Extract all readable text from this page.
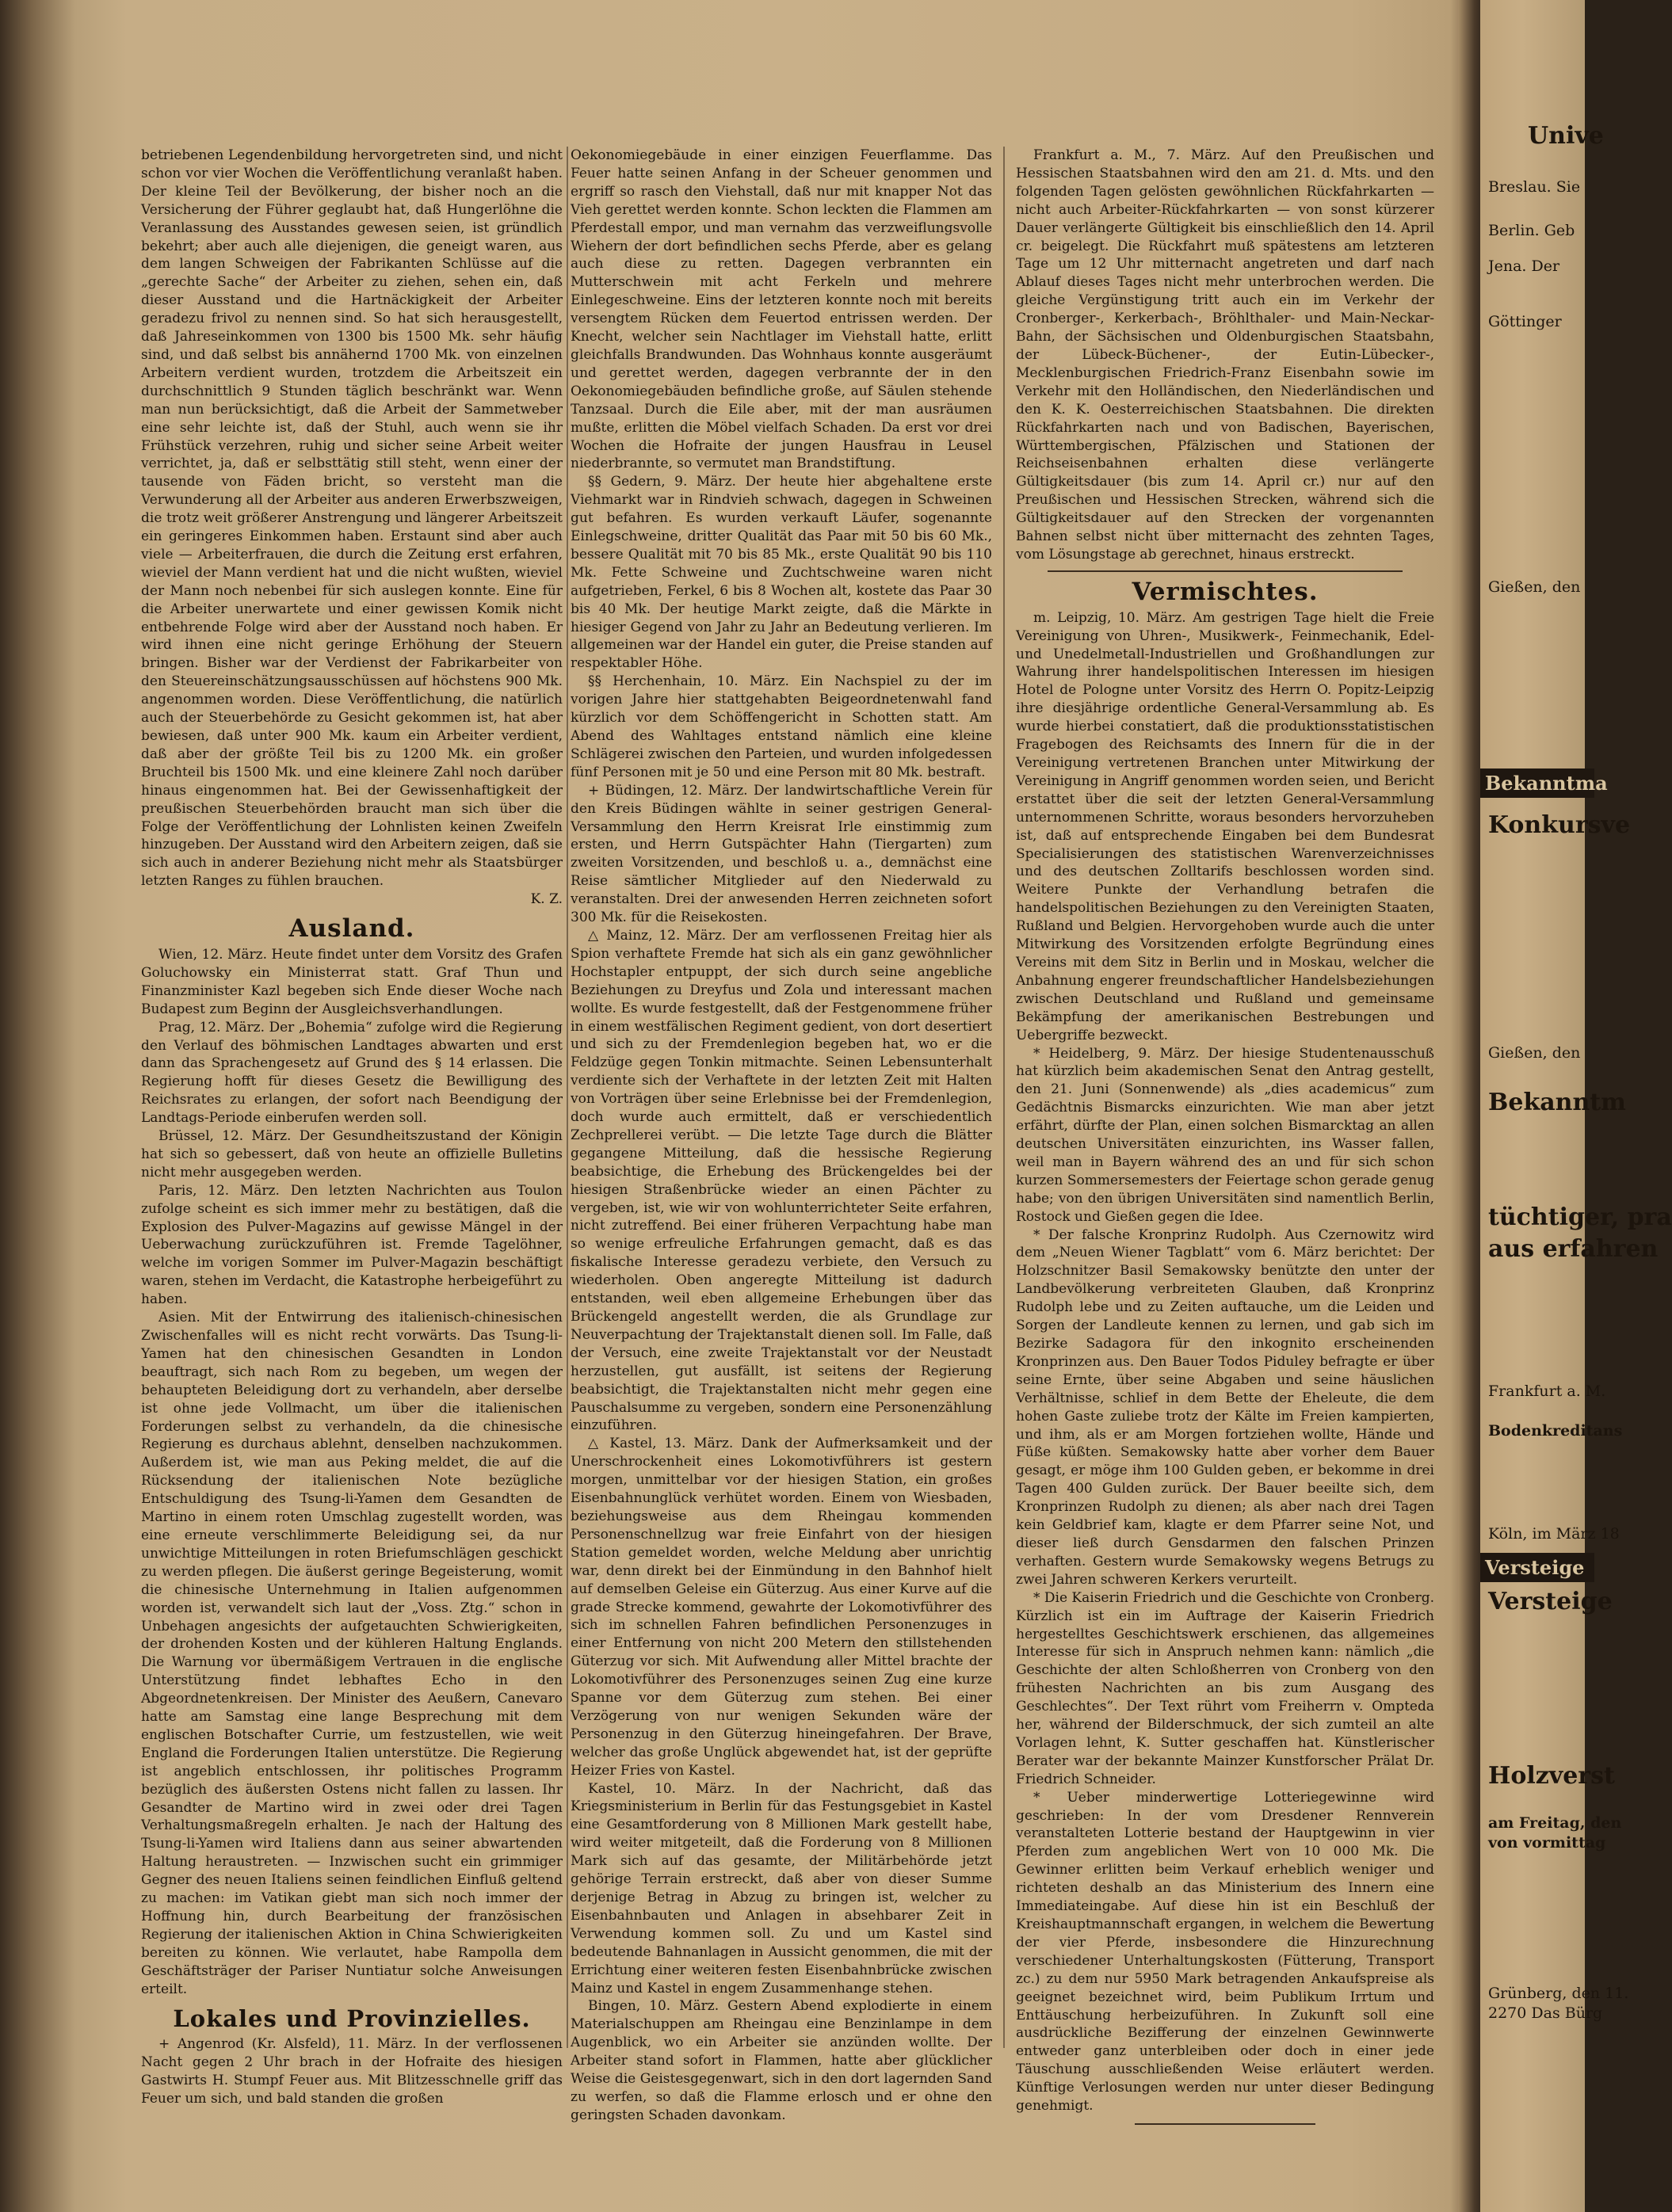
betriebenen Legendenbildung hervorgetreten sind, und nicht schon vor vier Wochen die Veröffentlichung veranlaßt haben. Der kleine Teil der Bevölkerung, der bisher noch an die Versicherung der Führer geglaubt hat, daß Hungerlöhne die Veranlassung des Ausstandes gewesen seien, ist gründlich bekehrt; aber auch alle diejenigen, die geneigt waren, aus dem langen Schweigen der Fabrikanten Schlüsse auf die „gerechte Sache“ der Arbeiter zu ziehen, sehen ein, daß dieser Ausstand und die Hartnäckigkeit der Arbeiter geradezu frivol zu nennen sind. So hat sich herausgestellt, daß Jahreseinkommen von 1300 bis 1500 Mk. sehr häufig sind, und daß selbst bis annähernd 1700 Mk. von einzelnen Arbeitern verdient wurden, trotzdem die Arbeitszeit ein durchschnittlich 9 Stunden täglich beschränkt war. Wenn man nun berücksichtigt, daß die Arbeit der Sammetweber eine sehr leichte ist, daß der Stuhl, auch wenn sie ihr Frühstück verzehren, ruhig und sicher seine Arbeit weiter verrichtet, ja, daß er selbsttätig still steht, wenn einer der tausende von Fäden bricht, so versteht man die Verwunderung all der Arbeiter aus anderen Erwerbszweigen, die trotz weit größerer Anstrengung und längerer Arbeitszeit ein geringeres Einkommen haben. Erstaunt sind aber auch viele — Arbeiterfrauen, die durch die Zeitung erst erfahren, wieviel der Mann verdient hat und die nicht wußten, wieviel der Mann noch nebenbei für sich auslegen konnte. Eine für die Arbeiter unerwartete und einer gewissen Komik nicht entbehrende Folge wird aber der Ausstand noch haben. Er wird ihnen eine nicht geringe Erhöhung der Steuern bringen. Bisher war der Verdienst der Fabrikarbeiter von den Steuereinschätzungsausschüssen auf höchstens 900 Mk. angenommen worden. Diese Veröffentlichung, die natürlich auch der Steuerbehörde zu Gesicht gekommen ist, hat aber bewiesen, daß unter 900 Mk. kaum ein Arbeiter verdient, daß aber der größte Teil bis zu 1200 Mk. ein großer Bruchteil bis 1500 Mk. und eine kleinere Zahl noch darüber hinaus eingenommen hat. Bei der Gewissenhaftigkeit der preußischen Steuerbehörden braucht man sich über die Folge der Veröffentlichung der Lohnlisten keinen Zweifeln hinzugeben. Der Ausstand wird den Arbeitern zeigen, daß sie sich auch in anderer Beziehung nicht mehr als Staatsbürger letzten Ranges zu fühlen brauchen.

K. Z.
Ausland.

Wien, 12. März. Heute findet unter dem Vorsitz des Grafen Goluchowsky ein Ministerrat statt. Graf Thun und Finanzminister Kazl begeben sich Ende dieser Woche nach Budapest zum Beginn der Ausgleichsverhandlungen.

Prag, 12. März. Der „Bohemia“ zufolge wird die Regierung den Verlauf des böhmischen Landtages abwarten und erst dann das Sprachengesetz auf Grund des § 14 erlassen. Die Regierung hofft für dieses Gesetz die Bewilligung des Reichsrates zu erlangen, der sofort nach Beendigung der Landtags-Periode einberufen werden soll.

Brüssel, 12. März. Der Gesundheitszustand der Königin hat sich so gebessert, daß von heute an offizielle Bulletins nicht mehr ausgegeben werden.

Paris, 12. März. Den letzten Nachrichten aus Toulon zufolge scheint es sich immer mehr zu bestätigen, daß die Explosion des Pulver-Magazins auf gewisse Mängel in der Ueberwachung zurückzuführen ist. Fremde Tagelöhner, welche im vorigen Sommer im Pulver-Magazin beschäftigt waren, stehen im Verdacht, die Katastrophe herbeigeführt zu haben.

Asien. Mit der Entwirrung des italienisch-chinesischen Zwischenfalles will es nicht recht vorwärts. Das Tsung-li-Yamen hat den chinesischen Gesandten in London beauftragt, sich nach Rom zu begeben, um wegen der behaupteten Beleidigung dort zu verhandeln, aber derselbe ist ohne jede Vollmacht, um über die italienischen Forderungen selbst zu verhandeln, da die chinesische Regierung es durchaus ablehnt, denselben nachzukommen. Außerdem ist, wie man aus Peking meldet, die auf die Rücksendung der italienischen Note bezügliche Entschuldigung des Tsung-li-Yamen dem Gesandten de Martino in einem roten Umschlag zugestellt worden, was eine erneute verschlimmerte Beleidigung sei, da nur unwichtige Mitteilungen in roten Briefumschlägen geschickt zu werden pflegen. Die äußerst geringe Begeisterung, womit die chinesische Unternehmung in Italien aufgenommen worden ist, verwandelt sich laut der „Voss. Ztg.“ schon in Unbehagen angesichts der aufgetauchten Schwierigkeiten, der drohenden Kosten und der kühleren Haltung Englands. Die Warnung vor übermäßigem Vertrauen in die englische Unterstützung findet lebhaftes Echo in den Abgeordnetenkreisen. Der Minister des Aeußern, Canevaro hatte am Samstag eine lange Besprechung mit dem englischen Botschafter Currie, um festzustellen, wie weit England die Forderungen Italien unterstütze. Die Regierung ist angeblich entschlossen, ihr politisches Programm bezüglich des äußersten Ostens nicht fallen zu lassen. Ihr Gesandter de Martino wird in zwei oder drei Tagen Verhaltungsmaßregeln erhalten. Je nach der Haltung des Tsung-li-Yamen wird Italiens dann aus seiner abwartenden Haltung heraustreten. — Inzwischen sucht ein grimmiger Gegner des neuen Italiens seinen feindlichen Einfluß geltend zu machen: im Vatikan giebt man sich noch immer der Hoffnung hin, durch Bearbeitung der französischen Regierung der italienischen Aktion in China Schwierigkeiten bereiten zu können. Wie verlautet, habe Rampolla dem Geschäftsträger der Pariser Nuntiatur solche Anweisungen erteilt.

Lokales und Provinzielles.

+ Angenrod (Kr. Alsfeld), 11. März. In der verflossenen Nacht gegen 2 Uhr brach in der Hofraite des hiesigen Gastwirts H. Stumpf Feuer aus. Mit Blitzesschnelle griff das Feuer um sich, und bald standen die großen

Oekonomiegebäude in einer einzigen Feuerflamme. Das Feuer hatte seinen Anfang in der Scheuer genommen und ergriff so rasch den Viehstall, daß nur mit knapper Not das Vieh gerettet werden konnte. Schon leckten die Flammen am Pferdestall empor, und man vernahm das verzweiflungsvolle Wiehern der dort befindlichen sechs Pferde, aber es gelang auch diese zu retten. Dagegen verbrannten ein Mutterschwein mit acht Ferkeln und mehrere Einlegeschweine. Eins der letzteren konnte noch mit bereits versengtem Rücken dem Feuertod entrissen werden. Der Knecht, welcher sein Nachtlager im Viehstall hatte, erlitt gleichfalls Brandwunden. Das Wohnhaus konnte ausgeräumt und gerettet werden, dagegen verbrannte der in den Oekonomiegebäuden befindliche große, auf Säulen stehende Tanzsaal. Durch die Eile aber, mit der man ausräumen mußte, erlitten die Möbel vielfach Schaden. Da erst vor drei Wochen die Hofraite der jungen Hausfrau in Leusel niederbrannte, so vermutet man Brandstiftung.

§§ Gedern, 9. März. Der heute hier abgehaltene erste Viehmarkt war in Rindvieh schwach, dagegen in Schweinen gut befahren. Es wurden verkauft Läufer, sogenannte Einlegschweine, dritter Qualität das Paar mit 50 bis 60 Mk., bessere Qualität mit 70 bis 85 Mk., erste Qualität 90 bis 110 Mk. Fette Schweine und Zuchtschweine waren nicht aufgetrieben, Ferkel, 6 bis 8 Wochen alt, kostete das Paar 30 bis 40 Mk. Der heutige Markt zeigte, daß die Märkte in hiesiger Gegend von Jahr zu Jahr an Bedeutung verlieren. Im allgemeinen war der Handel ein guter, die Preise standen auf respektabler Höhe.

§§ Herchenhain, 10. März. Ein Nachspiel zu der im vorigen Jahre hier stattgehabten Beigeordnetenwahl fand kürzlich vor dem Schöffengericht in Schotten statt. Am Abend des Wahltages entstand nämlich eine kleine Schlägerei zwischen den Parteien, und wurden infolgedessen fünf Personen mit je 50 und eine Person mit 80 Mk. bestraft.

+ Büdingen, 12. März. Der landwirtschaftliche Verein für den Kreis Büdingen wählte in seiner gestrigen General-Versammlung den Herrn Kreisrat Irle einstimmig zum ersten, und Herrn Gutspächter Hahn (Tiergarten) zum zweiten Vorsitzenden, und beschloß u. a., demnächst eine Reise sämtlicher Mitglieder auf den Niederwald zu veranstalten. Drei der anwesenden Herren zeichneten sofort 300 Mk. für die Reisekosten.

△ Mainz, 12. März. Der am verflossenen Freitag hier als Spion verhaftete Fremde hat sich als ein ganz gewöhnlicher Hochstapler entpuppt, der sich durch seine angebliche Beziehungen zu Dreyfus und Zola und interessant machen wollte. Es wurde festgestellt, daß der Festgenommene früher in einem westfälischen Regiment gedient, von dort desertiert und sich zu der Fremdenlegion begeben hat, wo er die Feldzüge gegen Tonkin mitmachte. Seinen Lebensunterhalt verdiente sich der Verhaftete in der letzten Zeit mit Halten von Vorträgen über seine Erlebnisse bei der Fremdenlegion, doch wurde auch ermittelt, daß er verschiedentlich Zechprellerei verübt. — Die letzte Tage durch die Blätter gegangene Mitteilung, daß die hessische Regierung beabsichtige, die Erhebung des Brückengeldes bei der hiesigen Straßenbrücke wieder an einen Pächter zu vergeben, ist, wie wir von wohlunterrichteter Seite erfahren, nicht zutreffend. Bei einer früheren Verpachtung habe man so wenige erfreuliche Erfahrungen gemacht, daß es das fiskalische Interesse geradezu verbiete, den Versuch zu wiederholen. Oben angeregte Mitteilung ist dadurch entstanden, weil eben allgemeine Erhebungen über das Brückengeld angestellt werden, die als Grundlage zur Neuverpachtung der Trajektanstalt dienen soll. Im Falle, daß der Versuch, eine zweite Trajektanstalt vor der Neustadt herzustellen, gut ausfällt, ist seitens der Regierung beabsichtigt, die Trajektanstalten nicht mehr gegen eine Pauschalsumme zu vergeben, sondern eine Personenzählung einzuführen.

△ Kastel, 13. März. Dank der Aufmerksamkeit und der Unerschrockenheit eines Lokomotivführers ist gestern morgen, unmittelbar vor der hiesigen Station, ein großes Eisenbahnunglück verhütet worden. Einem von Wiesbaden, beziehungsweise aus dem Rheingau kommenden Personenschnellzug war freie Einfahrt von der hiesigen Station gemeldet worden, welche Meldung aber unrichtig war, denn direkt bei der Einmündung in den Bahnhof hielt auf demselben Geleise ein Güterzug. Aus einer Kurve auf die grade Strecke kommend, gewahrte der Lokomotivführer des sich im schnellen Fahren befindlichen Personenzuges in einer Entfernung von nicht 200 Metern den stillstehenden Güterzug vor sich. Mit Aufwendung aller Mittel brachte der Lokomotivführer des Personenzuges seinen Zug eine kurze Spanne vor dem Güterzug zum stehen. Bei einer Verzögerung von nur wenigen Sekunden wäre der Personenzug in den Güterzug hineingefahren. Der Brave, welcher das große Unglück abgewendet hat, ist der geprüfte Heizer Fries von Kastel.

Kastel, 10. März. In der Nachricht, daß das Kriegsministerium in Berlin für das Festungsgebiet in Kastel eine Gesamtforderung von 8 Millionen Mark gestellt habe, wird weiter mitgeteilt, daß die Forderung von 8 Millionen Mark sich auf das gesamte, der Militärbehörde jetzt gehörige Terrain erstreckt, daß aber von dieser Summe derjenige Betrag in Abzug zu bringen ist, welcher zu Eisenbahnbauten und Anlagen in absehbarer Zeit in Verwendung kommen soll. Zu und um Kastel sind bedeutende Bahnanlagen in Aussicht genommen, die mit der Errichtung einer weiteren festen Eisenbahnbrücke zwischen Mainz und Kastel in engem Zusammenhange stehen.

Bingen, 10. März. Gestern Abend explodierte in einem Materialschuppen am Rheingau eine Benzinlampe in dem Augenblick, wo ein Arbeiter sie anzünden wollte. Der Arbeiter stand sofort in Flammen, hatte aber glücklicher Weise die Geistesgegenwart, sich in den dort lagernden Sand zu werfen, so daß die Flamme erlosch und er ohne den geringsten Schaden davonkam.

Frankfurt a. M., 7. März. Auf den Preußischen und Hessischen Staatsbahnen wird den am 21. d. Mts. und den folgenden Tagen gelösten gewöhnlichen Rückfahrkarten — nicht auch Arbeiter-Rückfahrkarten — von sonst kürzerer Dauer verlängerte Gültigkeit bis einschließlich den 14. April cr. beigelegt. Die Rückfahrt muß spätestens am letzteren Tage um 12 Uhr mitternacht angetreten und darf nach Ablauf dieses Tages nicht mehr unterbrochen werden. Die gleiche Vergünstigung tritt auch ein im Verkehr der Cronberger-, Kerkerbach-, Bröhlthaler- und Main-Neckar-Bahn, der Sächsischen und Oldenburgischen Staatsbahn, der Lübeck-Büchener-, der Eutin-Lübecker-, Mecklenburgischen Friedrich-Franz Eisenbahn sowie im Verkehr mit den Holländischen, den Niederländischen und den K. K. Oesterreichischen Staatsbahnen. Die direkten Rückfahrkarten nach und von Badischen, Bayerischen, Württembergischen, Pfälzischen und Stationen der Reichseisenbahnen erhalten diese verlängerte Gültigkeitsdauer (bis zum 14. April cr.) nur auf den Preußischen und Hessischen Strecken, während sich die Gültigkeitsdauer auf den Strecken der vorgenannten Bahnen selbst nicht über mitternacht des zehnten Tages, vom Lösungstage ab gerechnet, hinaus erstreckt.

Vermischtes.

m. Leipzig, 10. März. Am gestrigen Tage hielt die Freie Vereinigung von Uhren-, Musikwerk-, Feinmechanik, Edel- und Unedelmetall-Industriellen und Großhandlungen zur Wahrung ihrer handelspolitischen Interessen im hiesigen Hotel de Pologne unter Vorsitz des Herrn O. Popitz-Leipzig ihre diesjährige ordentliche General-Versammlung ab. Es wurde hierbei constatiert, daß die produktionsstatistischen Fragebogen des Reichsamts des Innern für die in der Vereinigung vertretenen Branchen unter Mitwirkung der Vereinigung in Angriff genommen worden seien, und Bericht erstattet über die seit der letzten General-Versammlung unternommenen Schritte, woraus besonders hervorzuheben ist, daß auf entsprechende Eingaben bei dem Bundesrat Specialisierungen des statistischen Warenverzeichnisses und des deutschen Zolltarifs beschlossen worden sind. Weitere Punkte der Verhandlung betrafen die handelspolitischen Beziehungen zu den Vereinigten Staaten, Rußland und Belgien. Hervorgehoben wurde auch die unter Mitwirkung des Vorsitzenden erfolgte Begründung eines Vereins mit dem Sitz in Berlin und in Moskau, welcher die Anbahnung engerer freundschaftlicher Handelsbeziehungen zwischen Deutschland und Rußland und gemeinsame Bekämpfung der amerikanischen Bestrebungen und Uebergriffe bezweckt.

* Heidelberg, 9. März. Der hiesige Studentenausschuß hat kürzlich beim akademischen Senat den Antrag gestellt, den 21. Juni (Sonnenwende) als „dies academicus“ zum Gedächtnis Bismarcks einzurichten. Wie man aber jetzt erfährt, dürfte der Plan, einen solchen Bismarcktag an allen deutschen Universitäten einzurichten, ins Wasser fallen, weil man in Bayern während des an und für sich schon kurzen Sommersemesters der Feiertage schon gerade genug habe; von den übrigen Universitäten sind namentlich Berlin, Rostock und Gießen gegen die Idee.

* Der falsche Kronprinz Rudolph. Aus Czernowitz wird dem „Neuen Wiener Tagblatt“ vom 6. März berichtet: Der Holzschnitzer Basil Semakowsky benützte den unter der Landbevölkerung verbreiteten Glauben, daß Kronprinz Rudolph lebe und zu Zeiten auftauche, um die Leiden und Sorgen der Landleute kennen zu lernen, und gab sich im Bezirke Sadagora für den inkognito erscheinenden Kronprinzen aus. Den Bauer Todos Piduley befragte er über seine Ernte, über seine Abgaben und seine häuslichen Verhältnisse, schlief in dem Bette der Eheleute, die dem hohen Gaste zuliebe trotz der Kälte im Freien kampierten, und ihm, als er am Morgen fortziehen wollte, Hände und Füße küßten. Semakowsky hatte aber vorher dem Bauer gesagt, er möge ihm 100 Gulden geben, er bekomme in drei Tagen 400 Gulden zurück. Der Bauer beeilte sich, dem Kronprinzen Rudolph zu dienen; als aber nach drei Tagen kein Geldbrief kam, klagte er dem Pfarrer seine Not, und dieser ließ durch Gensdarmen den falschen Prinzen verhaften. Gestern wurde Semakowsky wegens Betrugs zu zwei Jahren schweren Kerkers verurteilt.

* Die Kaiserin Friedrich und die Geschichte von Cronberg. Kürzlich ist ein im Auftrage der Kaiserin Friedrich hergestelltes Geschichtswerk erschienen, das allgemeines Interesse für sich in Anspruch nehmen kann: nämlich „die Geschichte der alten Schloßherren von Cronberg von den frühesten Nachrichten an bis zum Ausgang des Geschlechtes“. Der Text rührt vom Freiherrn v. Ompteda her, während der Bilderschmuck, der sich zumteil an alte Vorlagen lehnt, K. Sutter geschaffen hat. Künstlerischer Berater war der bekannte Mainzer Kunstforscher Prälat Dr. Friedrich Schneider.

* Ueber minderwertige Lotteriegewinne wird geschrieben: In der vom Dresdener Rennverein veranstalteten Lotterie bestand der Hauptgewinn in vier Pferden zum angeblichen Wert von 10 000 Mk. Die Gewinner erlitten beim Verkauf erheblich weniger und richteten deshalb an das Ministerium des Innern eine Immediateingabe. Auf diese hin ist ein Beschluß der Kreishauptmannschaft ergangen, in welchem die Bewertung der vier Pferde, insbesondere die Hinzurechnung verschiedener Unterhaltungskosten (Fütterung, Transport zc.) zu dem nur 5950 Mark betragenden Ankaufspreise als geeignet bezeichnet wird, beim Publikum Irrtum und Enttäuschung herbeizuführen. In Zukunft soll eine ausdrückliche Bezifferung der einzelnen Gewinnwerte entweder ganz unterbleiben oder doch in einer jede Täuschung ausschließenden Weise erläutert werden. Künftige Verlosungen werden nur unter dieser Bedingung genehmigt.

Unive
Breslau. Sie
Berlin. Geb
Jena. Der
Göttinger
Gießen, den
Bekanntma
Konkursve
Gießen, den
Bekanntm
tüchtiger, pra
aus erfahren
Frankfurt a. M.
Bodenkreditans
Köln, im März 18
Versteige
Versteige
Holzverst
am Freitag, den
von vormittag
Grünberg, den 11.
2270 Das Bürg
